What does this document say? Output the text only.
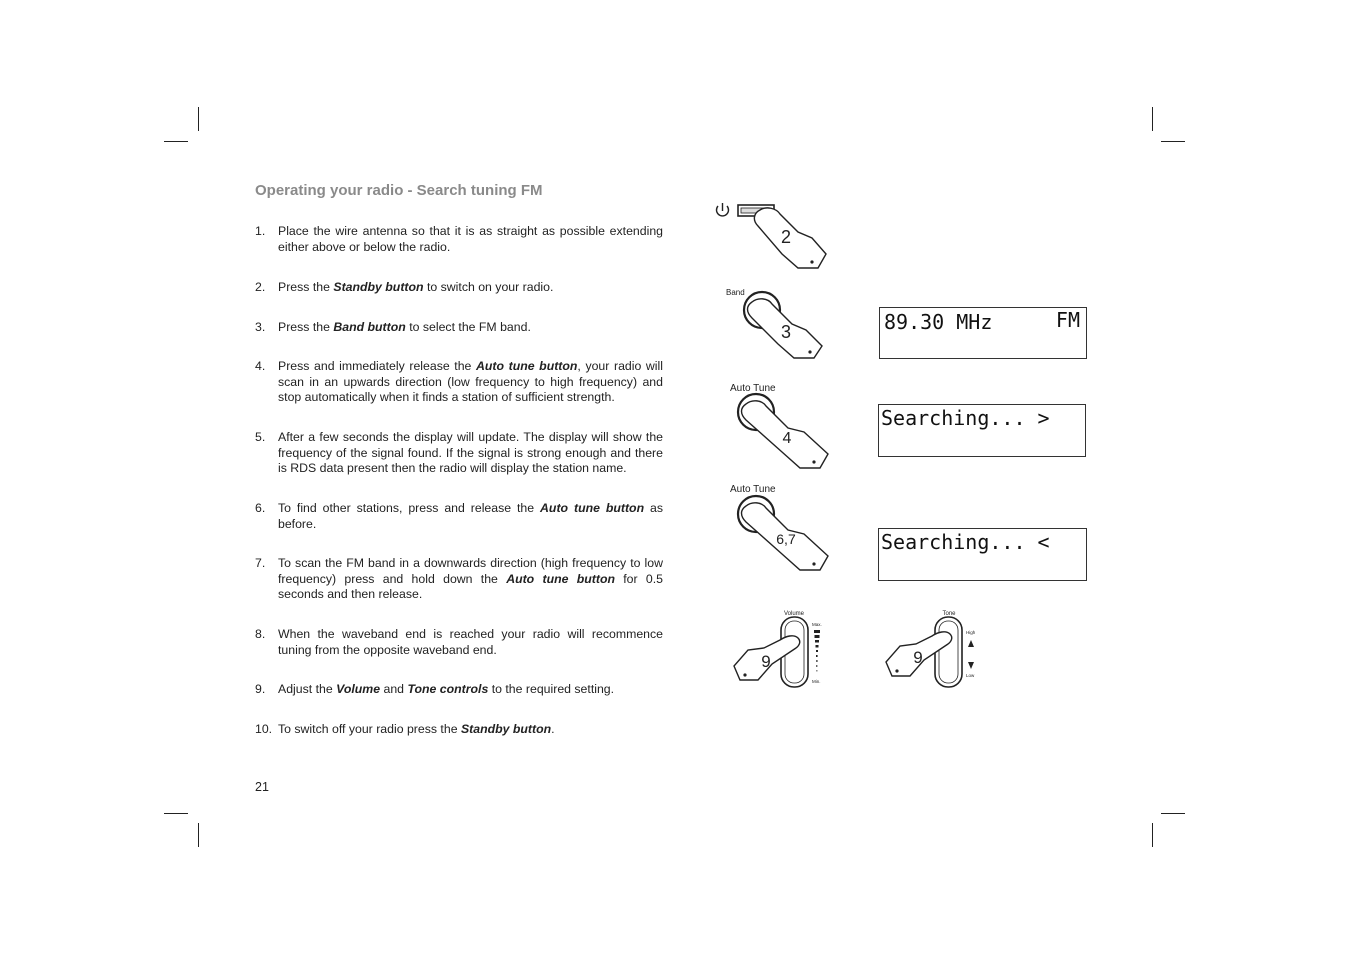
Operating your radio - Search tuning FM
1. Place the wire antenna so that it is as straight as possible extending either above or below the radio.
2. Press the Standby button to switch on your radio.
3. Press the Band button to select the FM band.
4. Press and immediately release the Auto tune button, your radio will scan in an upwards direction (low frequency to high frequency) and stop automatically when it finds a station of sufficient strength.
5. After a few seconds the display will update. The display will show the frequency of the signal found. If the signal is strong enough and there is RDS data present then the radio will display the station name.
6. To find other stations, press and release the Auto tune button as before.
7. To scan the FM band in a downwards direction (high frequency to low frequency) press and hold down the Auto tune button for 0.5 seconds and then release.
8. When the waveband end is reached your radio will recommence tuning from the opposite waveband end.
9. Adjust the Volume and Tone controls to the required setting.
10. To switch off your radio press the Standby button.
21
2
Band
3
Auto Tune
4
Auto Tune
6,7
Volume
Max.
Min.
9
Tone
High
Low
9
89.30 MHz	FM
Searching... >
Searching... <
